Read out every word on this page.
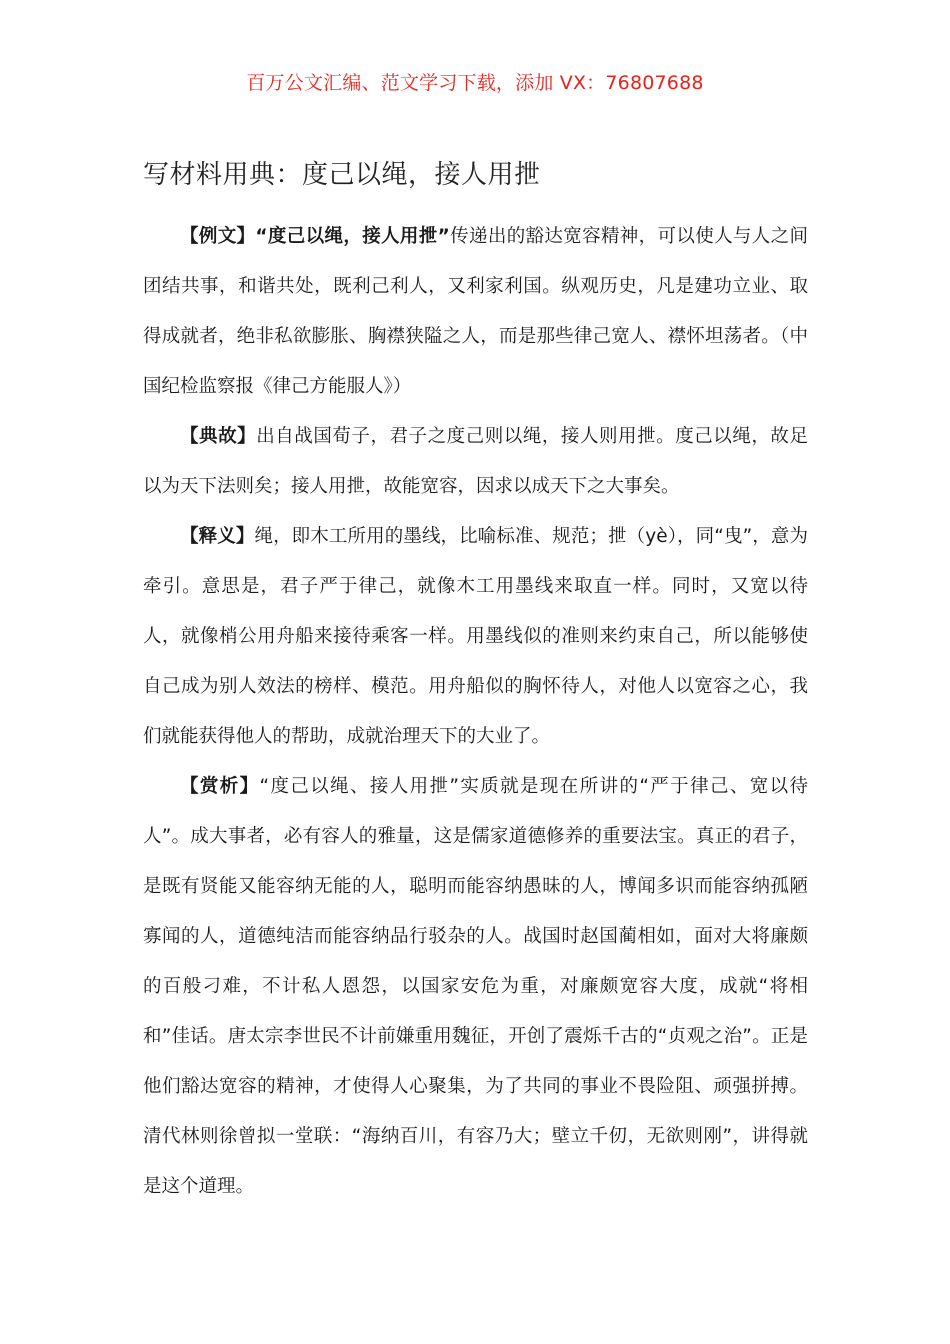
百万公文汇编、范文学习下载，添加 VX：76807688
写材料用典：度己以绳，接人用抴

【例文】“度己以绳，接人用抴”传递出的豁达宽容精神，可以使人与人之间团结共事，和谐共处，既利己利人，又利家利国。纵观历史，凡是建功立业、取得成就者，绝非私欲膨胀、胸襟狭隘之人，而是那些律己宽人、襟怀坦荡者。（中国纪检监察报《律己方能服人》）

【典故】出自战国荀子，君子之度己则以绳，接人则用抴。度己以绳，故足以为天下法则矣；接人用抴，故能宽容，因求以成天下之大事矣。

【释义】绳，即木工所用的墨线，比喻标准、规范；抴（yè），同“曳”，意为牵引。意思是，君子严于律己，就像木工用墨线来取直一样。同时，又宽以待人，就像梢公用舟船来接待乘客一样。用墨线似的准则来约束自己，所以能够使自己成为别人效法的榜样、模范。用舟船似的胸怀待人，对他人以宽容之心，我们就能获得他人的帮助，成就治理天下的大业了。

【赏析】“度己以绳、接人用抴”实质就是现在所讲的“严于律己、宽以待人”。成大事者，必有容人的雅量，这是儒家道德修养的重要法宝。真正的君子，是既有贤能又能容纳无能的人，聪明而能容纳愚昧的人，博闻多识而能容纳孤陋寡闻的人，道德纯洁而能容纳品行驳杂的人。战国时赵国蔺相如，面对大将廉颇的百般刁难，不计私人恩怨，以国家安危为重，对廉颇宽容大度，成就“将相和”佳话。唐太宗李世民不计前嫌重用魏征，开创了震烁千古的“贞观之治”。正是他们豁达宽容的精神，才使得人心聚集，为了共同的事业不畏险阻、顽强拼搏。清代林则徐曾拟一堂联：“海纳百川，有容乃大；壁立千仞，无欲则刚”，讲得就是这个道理。
